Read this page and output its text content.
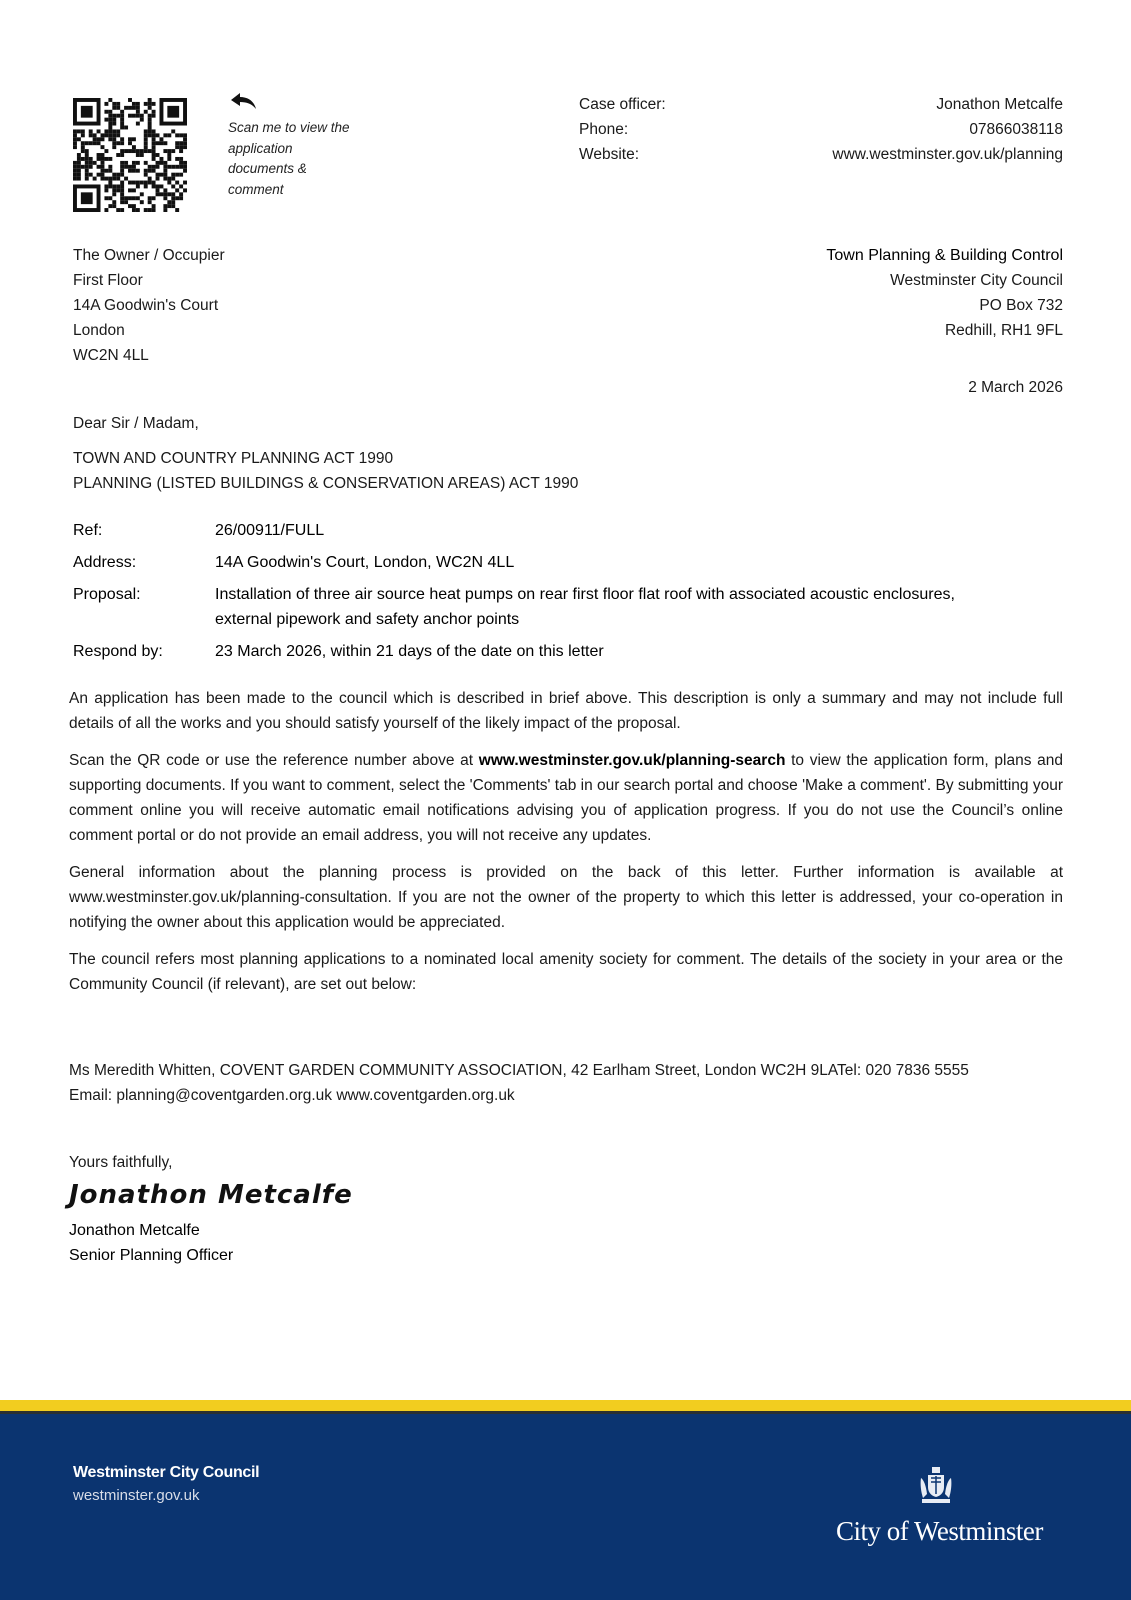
Scan me to view the application documents & comment
Case officer:	Jonathon Metcalfe
Phone:	07866038118
Website:	www.westminster.gov.uk/planning
The Owner / Occupier
First Floor
14A Goodwin's Court
London
WC2N 4LL
Town Planning & Building Control
Westminster City Council
PO Box 732
Redhill, RH1 9FL
2 March 2026
Dear Sir / Madam,
TOWN AND COUNTRY PLANNING ACT 1990
PLANNING (LISTED BUILDINGS & CONSERVATION AREAS) ACT 1990
Ref:	26/00911/FULL
Address:	14A Goodwin's Court, London, WC2N 4LL
Proposal:	Installation of three air source heat pumps on rear first floor flat roof with associated acoustic enclosures, external pipework and safety anchor points
Respond by:	23 March 2026, within 21 days of the date on this letter

An application has been made to the council which is described in brief above. This description is only a summary and may not include full details of all the works and you should satisfy yourself of the likely impact of the proposal.

Scan the QR code or use the reference number above at www.westminster.gov.uk/planning-search to view the application form, plans and supporting documents. If you want to comment, select the 'Comments' tab in our search portal and choose 'Make a comment'. By submitting your comment online you will receive automatic email notifications advising you of application progress. If you do not use the Council’s online comment portal or do not provide an email address, you will not receive any updates.

General information about the planning process is provided on the back of this letter. Further information is available at www.westminster.gov.uk/planning-consultation. If you are not the owner of the property to which this letter is addressed, your co-operation in notifying the owner about this application would be appreciated.

The council refers most planning applications to a nominated local amenity society for comment. The details of the society in your area or the Community Council (if relevant), are set out below:

Ms Meredith Whitten, COVENT GARDEN COMMUNITY ASSOCIATION, 42 Earlham Street, London WC2H 9LATel: 020 7836 5555
Email: planning@coventgarden.org.uk www.coventgarden.org.uk
Yours faithfully,
Jonathon Metcalfe
Jonathon Metcalfe
Senior Planning Officer
Westminster City Council
westminster.gov.uk
City of Westminster
